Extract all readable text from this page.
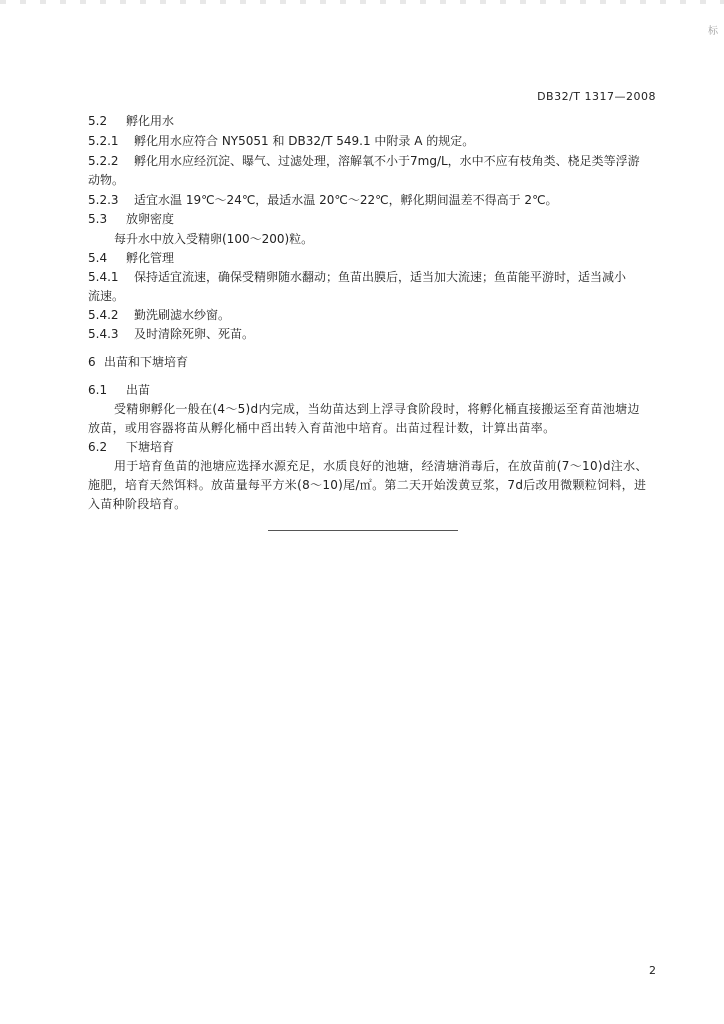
标
DB32/T 1317—2008
5.2 孵化用水
5.2.1 孵化用水应符合 NY5051 和 DB32/T 549.1 中附录 A 的规定。
5.2.2 孵化用水应经沉淀、曝气、过滤处理，溶解氧不小于7mg/L，水中不应有枝角类、桡足类等浮游
动物。
5.2.3 适宜水温 19℃～24℃，最适水温 20℃～22℃，孵化期间温差不得高于 2℃。
5.3 放卵密度
每升水中放入受精卵(100～200)粒。
5.4 孵化管理
5.4.1 保持适宜流速，确保受精卵随水翻动；鱼苗出膜后，适当加大流速；鱼苗能平游时，适当减小
流速。
5.4.2 勤洗刷滤水纱窗。
5.4.3 及时清除死卵、死苗。
6 出苗和下塘培育
6.1 出苗
受精卵孵化一般在(4～5)d内完成，当幼苗达到上浮寻食阶段时，将孵化桶直接搬运至育苗池塘边
放苗，或用容器将苗从孵化桶中舀出转入育苗池中培育。出苗过程计数，计算出苗率。
6.2 下塘培育
用于培育鱼苗的池塘应选择水源充足，水质良好的池塘，经清塘消毒后，在放苗前(7～10)d注水、
施肥，培育天然饵料。放苗量每平方米(8～10)尾/㎡。第二天开始泼黄豆浆，7d后改用微颗粒饲料，进
入苗种阶段培育。
2
